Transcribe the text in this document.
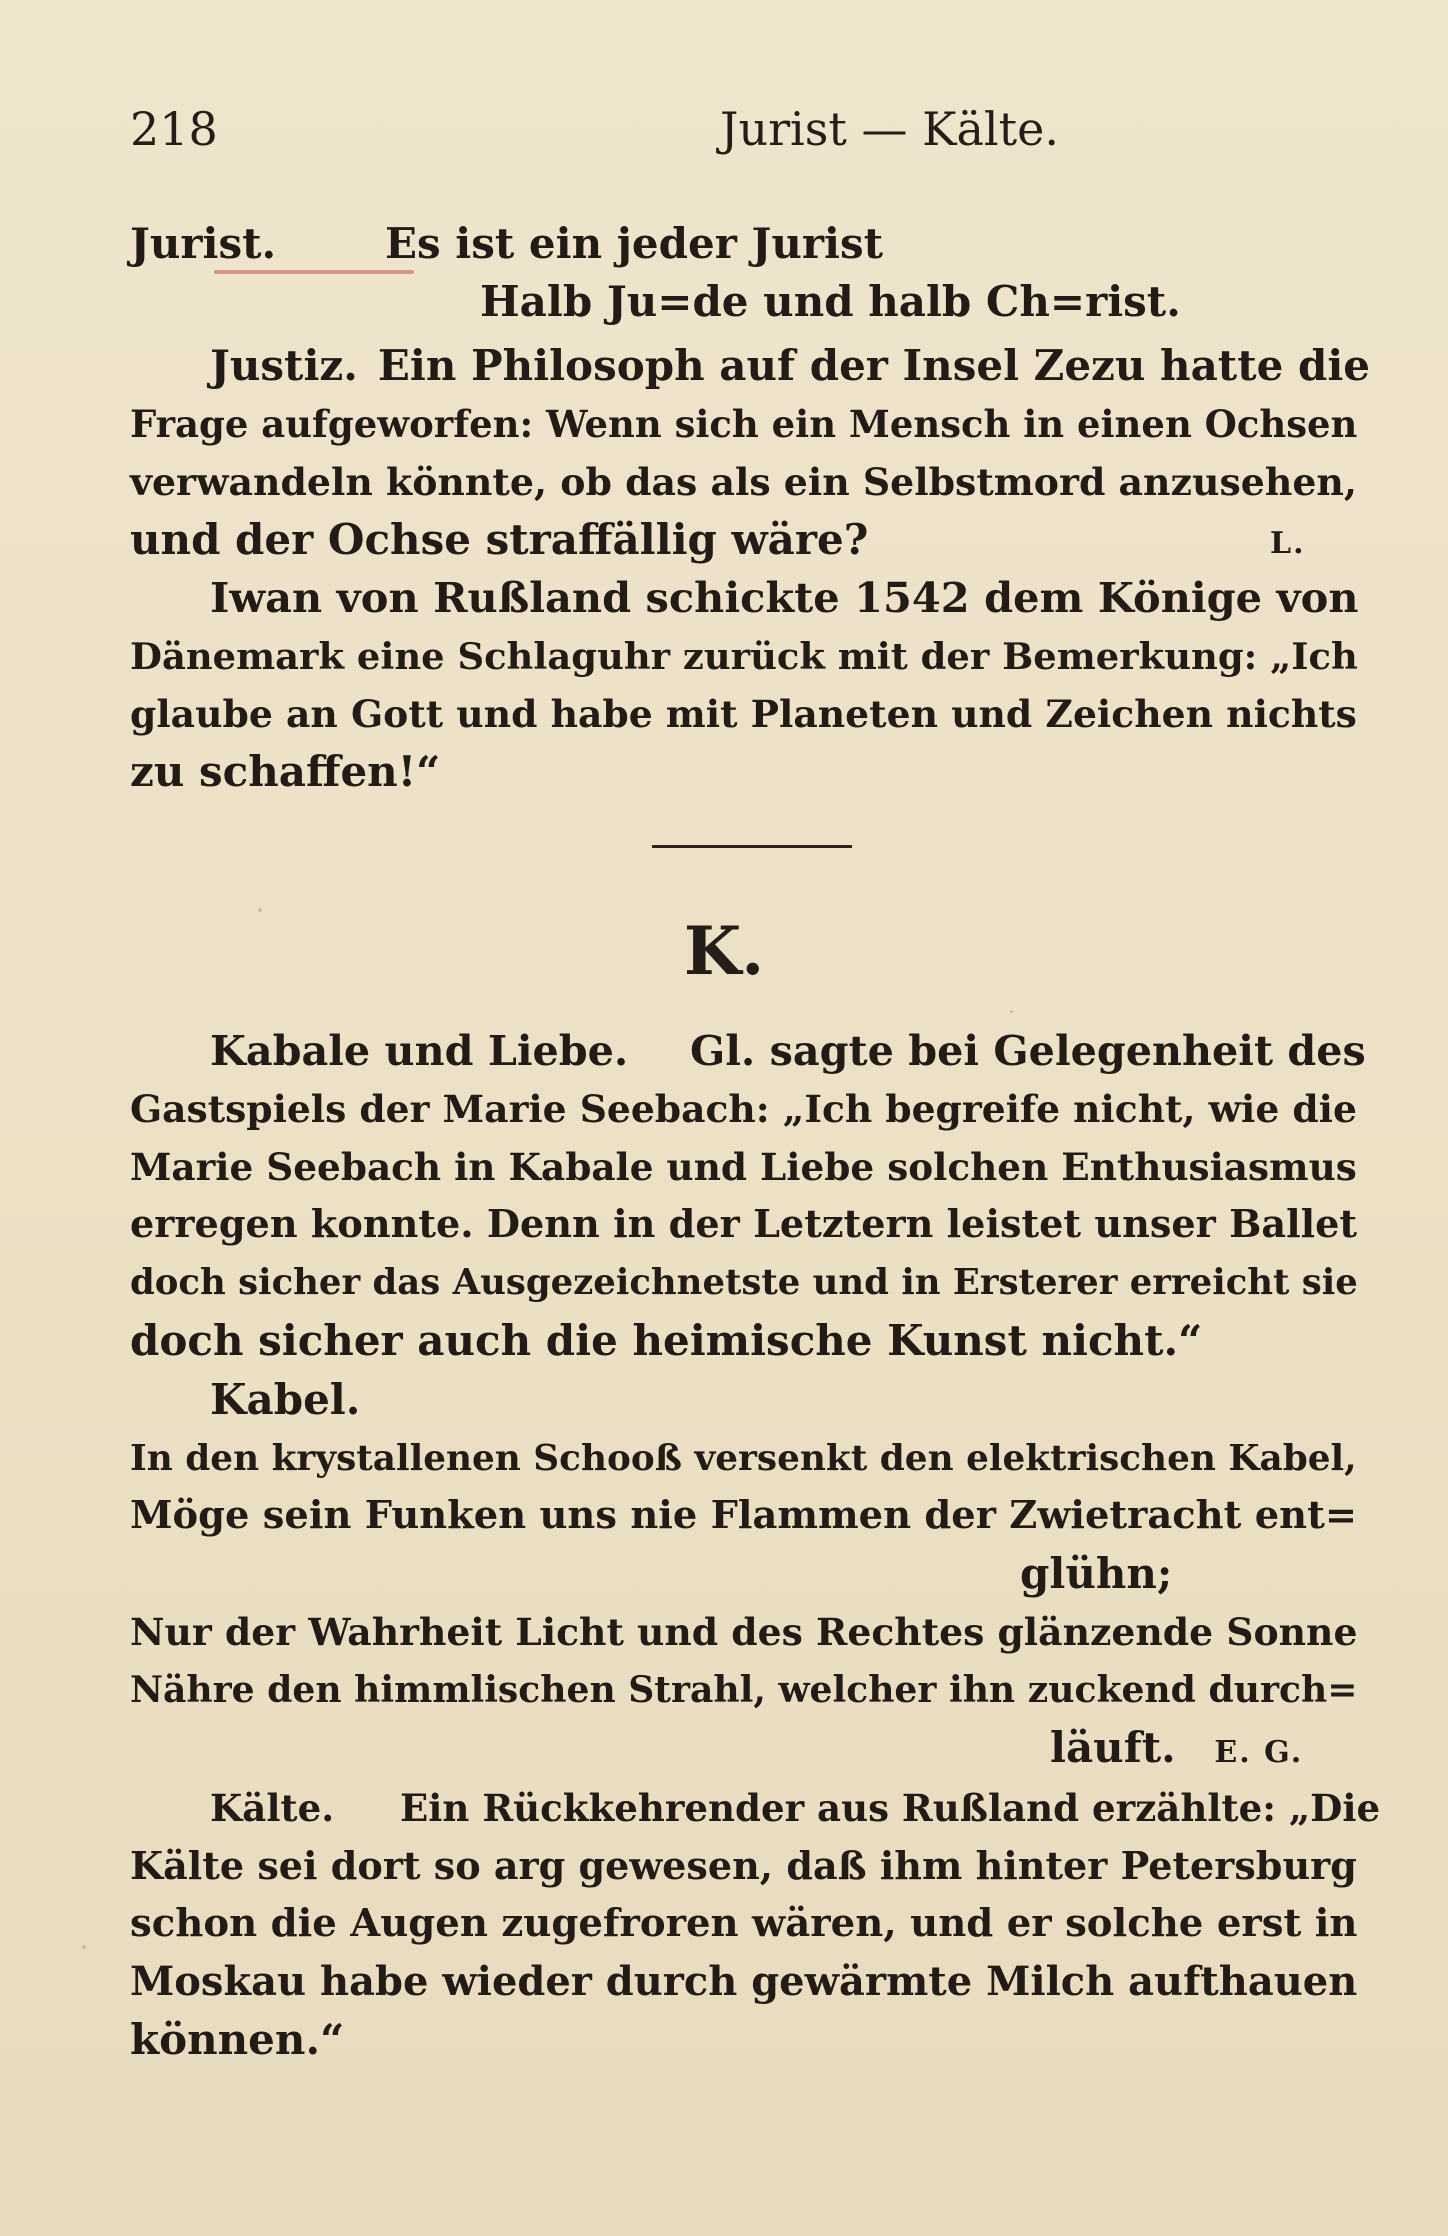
218	Jurist — Kälte.

Jurist.	Es ist ein jeder Jurist

Halb Ju=de und halb Ch=rist.

Justiz. Ein Philosoph auf der Insel Zezu hatte die

Frage aufgeworfen: Wenn sich ein Mensch in einen Ochsen

verwandeln könnte, ob das als ein Selbstmord anzusehen,

und der Ochse straffällig wäre?	L.

Iwan von Rußland schickte 1542 dem Könige von

Dänemark eine Schlaguhr zurück mit der Bemerkung: „Ich

glaube an Gott und habe mit Planeten und Zeichen nichts

zu schaffen!“

K.

Kabale und Liebe. Gl. sagte bei Gelegenheit des

Gastspiels der Marie Seebach: „Ich begreife nicht, wie die

Marie Seebach in Kabale und Liebe solchen Enthusiasmus

erregen konnte. Denn in der Letztern leistet unser Ballet

doch sicher das Ausgezeichnetste und in Ersterer erreicht sie

doch sicher auch die heimische Kunst nicht.“

Kabel.

In den krystallenen Schooß versenkt den elektrischen Kabel,

Möge sein Funken uns nie Flammen der Zwietracht ent=

glühn;

Nur der Wahrheit Licht und des Rechtes glänzende Sonne

Nähre den himmlischen Strahl, welcher ihn zuckend durch=

läuft. E. G.

Kälte. Ein Rückkehrender aus Rußland erzählte: „Die

Kälte sei dort so arg gewesen, daß ihm hinter Petersburg

schon die Augen zugefroren wären, und er solche erst in

Moskau habe wieder durch gewärmte Milch aufthauen

können.“
